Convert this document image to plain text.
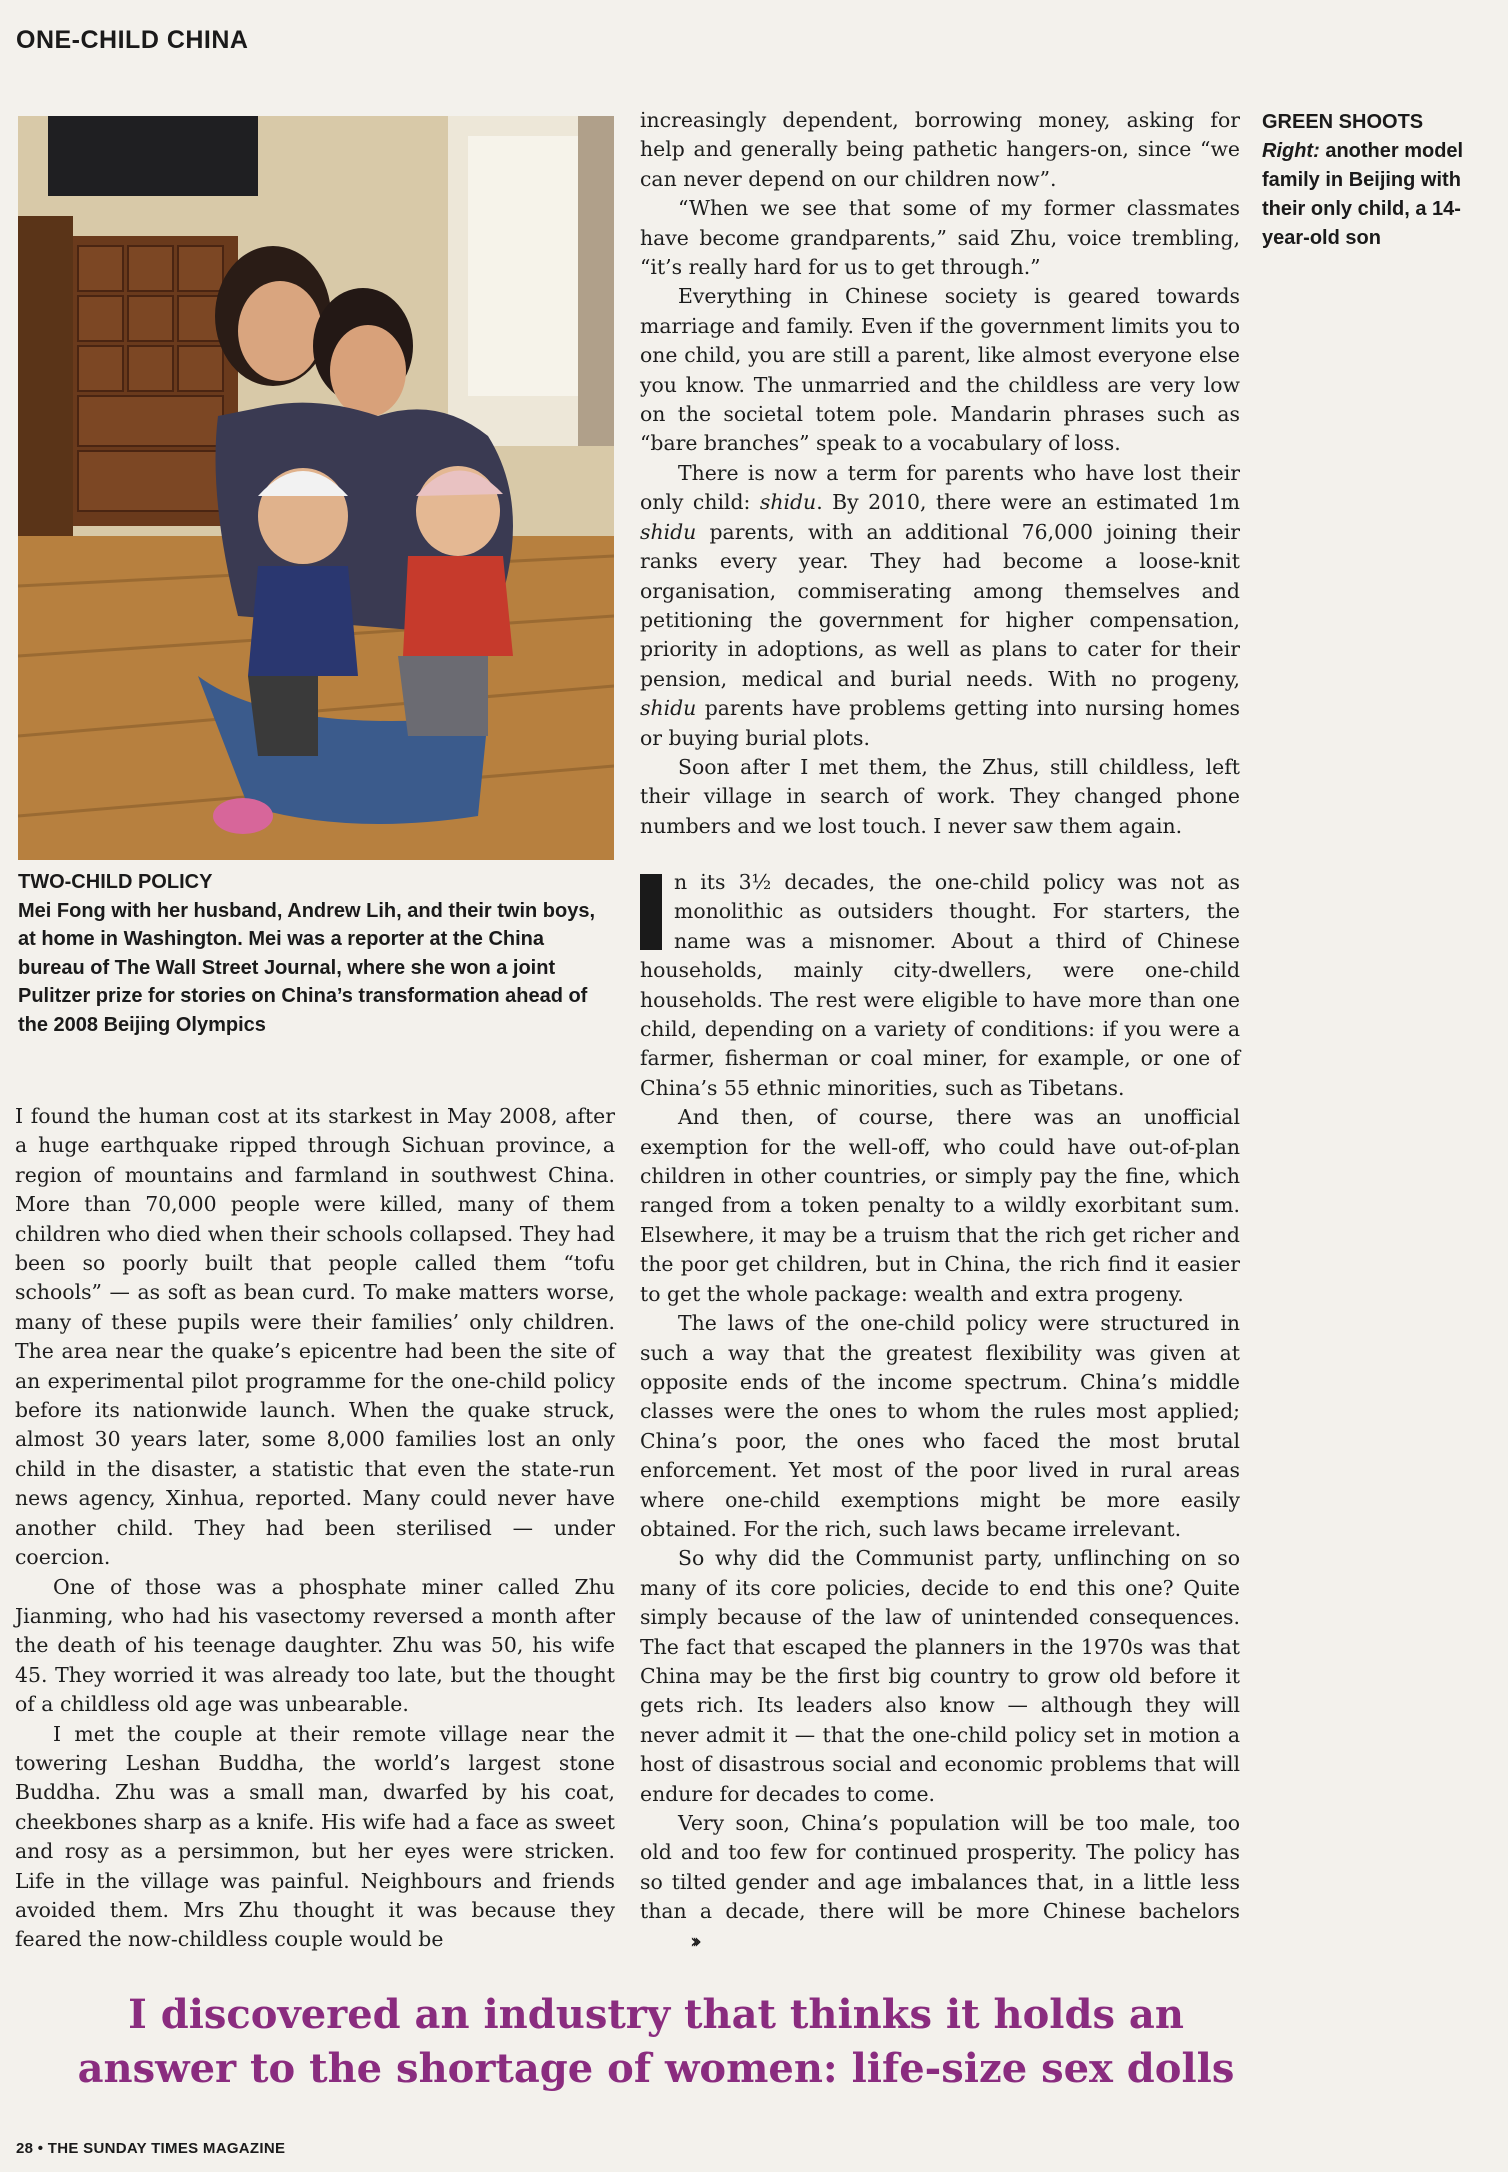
ONE-CHILD CHINA
TWO-CHILD POLICY
Mei Fong with her husband, Andrew Lih, and their twin boys, at home in Washington. Mei was a reporter at the China bureau of The Wall Street Journal, where she won a joint Pulitzer prize for stories on China’s transformation ahead of the 2008 Beijing Olympics
GREEN SHOOTS
Right: another model family in Beijing with their only child, a 14-year-old son

I found the human cost at its starkest in May 2008, after a huge earthquake ripped through Sichuan province, a region of mountains and farmland in southwest China. More than 70,000 people were killed, many of them children who died when their schools collapsed. They had been so poorly built that people called them “tofu schools” — as soft as bean curd. To make matters worse, many of these pupils were their families’ only children. The area near the quake’s epicentre had been the site of an experimental pilot programme for the one-child policy before its nationwide launch. When the quake struck, almost 30 years later, some 8,000 families lost an only child in the disaster, a statistic that even the state-run news agency, Xinhua, reported. Many could never have another child. They had been sterilised — under coercion.

One of those was a phosphate miner called Zhu Jianming, who had his vasectomy reversed a month after the death of his teenage daughter. Zhu was 50, his wife 45. They worried it was already too late, but the thought of a childless old age was unbearable.

I met the couple at their remote village near the towering Leshan Buddha, the world’s largest stone Buddha. Zhu was a small man, dwarfed by his coat, cheekbones sharp as a knife. His wife had a face as sweet and rosy as a persimmon, but her eyes were stricken. Life in the village was painful. Neighbours and friends avoided them. Mrs Zhu thought it was because they feared the now-childless couple would be

increasingly dependent, borrowing money, asking for help and generally being pathetic hangers-on, since “we can never depend on our children now”.

“When we see that some of my former classmates have become grandparents,” said Zhu, voice trembling, “it’s really hard for us to get through.”

Everything in Chinese society is geared towards marriage and family. Even if the government limits you to one child, you are still a parent, like almost everyone else you know. The unmarried and the childless are very low on the societal totem pole. Mandarin phrases such as “bare branches” speak to a vocabulary of loss.

There is now a term for parents who have lost their only child: shidu. By 2010, there were an estimated 1m shidu parents, with an additional 76,000 joining their ranks every year. They had become a loose-knit organisation, commiserating among themselves and petitioning the government for higher compensation, priority in adoptions, as well as plans to cater for their pension, medical and burial needs. With no progeny, shidu parents have problems getting into nursing homes or buying burial plots.

Soon after I met them, the Zhus, still childless, left their village in search of work. They changed phone numbers and we lost touch. I never saw them again.

n its 3½ decades, the one-child policy was not as monolithic as outsiders thought. For starters, the name was a misnomer. About a third of Chinese households, mainly city-dwellers, were one-child households. The rest were eligible to have more than one child, depending on a variety of conditions: if you were a farmer, fisherman or coal miner, for example, or one of China’s 55 ethnic minorities, such as Tibetans.

And then, of course, there was an unofficial exemption for the well-off, who could have out-of-plan children in other countries, or simply pay the fine, which ranged from a token penalty to a wildly exorbitant sum. Elsewhere, it may be a truism that the rich get richer and the poor get children, but in China, the rich find it easier to get the whole package: wealth and extra progeny.

The laws of the one-child policy were structured in such a way that the greatest flexibility was given at opposite ends of the income spectrum. China’s middle classes were the ones to whom the rules most applied; China’s poor, the ones who faced the most brutal enforcement. Yet most of the poor lived in rural areas where one-child exemptions might be more easily obtained. For the rich, such laws became irrelevant.

So why did the Communist party, unflinching on so many of its core policies, decide to end this one? Quite simply because of the law of unintended consequences. The fact that escaped the planners in the 1970s was that China may be the first big country to grow old before it gets rich. Its leaders also know — although they will never admit it — that the one-child policy set in motion a host of disastrous social and economic problems that will endure for decades to come.

Very soon, China’s population will be too male, too old and too few for continued prosperity. The policy has so tilted gender and age imbalances that, in a little less than a decade, there will be more Chinese bachelors›››

I discovered an industry that thinks it holds an
answer to the shortage of women: life-size sex dolls
28 • THE SUNDAY TIMES MAGAZINE
